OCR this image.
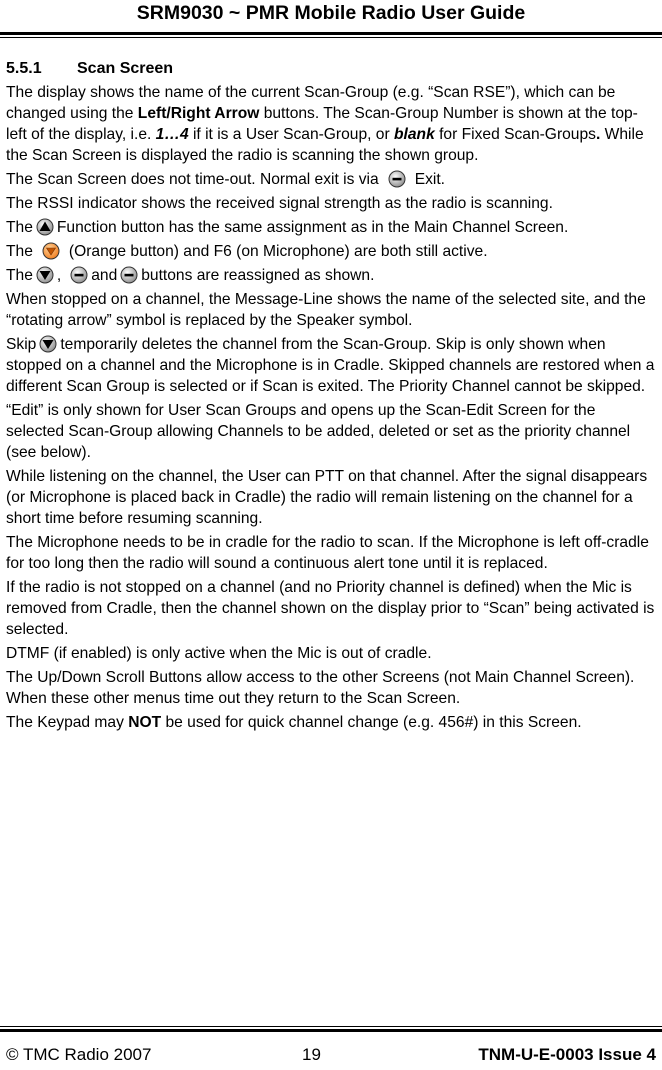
SRM9030 ~ PMR Mobile Radio User Guide
5.5.1 Scan Screen

The display shows the name of the current Scan-Group (e.g. “Scan RSE”), which can be changed using the Left/Right Arrow buttons. The Scan-Group Number is shown at the top-left of the display, i.e. 1…4 if it is a User Scan-Group, or blank for Fixed Scan-Groups. While the Scan Screen is displayed the radio is scanning the shown group.

The Scan Screen does not time-out. Normal exit is via Exit.

The RSSI indicator shows the received signal strength as the radio is scanning.

The Function button has the same assignment as in the Main Channel Screen.

The (Orange button) and F6 (on Microphone) are both still active.

The , and buttons are reassigned as shown.

When stopped on a channel, the Message-Line shows the name of the selected site, and the “rotating arrow” symbol is replaced by the Speaker symbol.

Skip temporarily deletes the channel from the Scan-Group. Skip is only shown when stopped on a channel and the Microphone is in Cradle. Skipped channels are restored when a different Scan Group is selected or if Scan is exited. The Priority Channel cannot be skipped.

“Edit” is only shown for User Scan Groups and opens up the Scan-Edit Screen for the selected Scan-Group allowing Channels to be added, deleted or set as the priority channel (see below).

While listening on the channel, the User can PTT on that channel. After the signal disappears (or Microphone is placed back in Cradle) the radio will remain listening on the channel for a short time before resuming scanning.

The Microphone needs to be in cradle for the radio to scan. If the Microphone is left off-cradle for too long then the radio will sound a continuous alert tone until it is replaced.

If the radio is not stopped on a channel (and no Priority channel is defined) when the Mic is removed from Cradle, then the channel shown on the display prior to “Scan” being activated is selected.

DTMF (if enabled) is only active when the Mic is out of cradle.

The Up/Down Scroll Buttons allow access to the other Screens (not Main Channel Screen). When these other menus time out they return to the Scan Screen.

The Keypad may NOT be used for quick channel change (e.g. 456#) in this Screen.

© TMC Radio 2007	19	TNM-U-E-0003 Issue 4
